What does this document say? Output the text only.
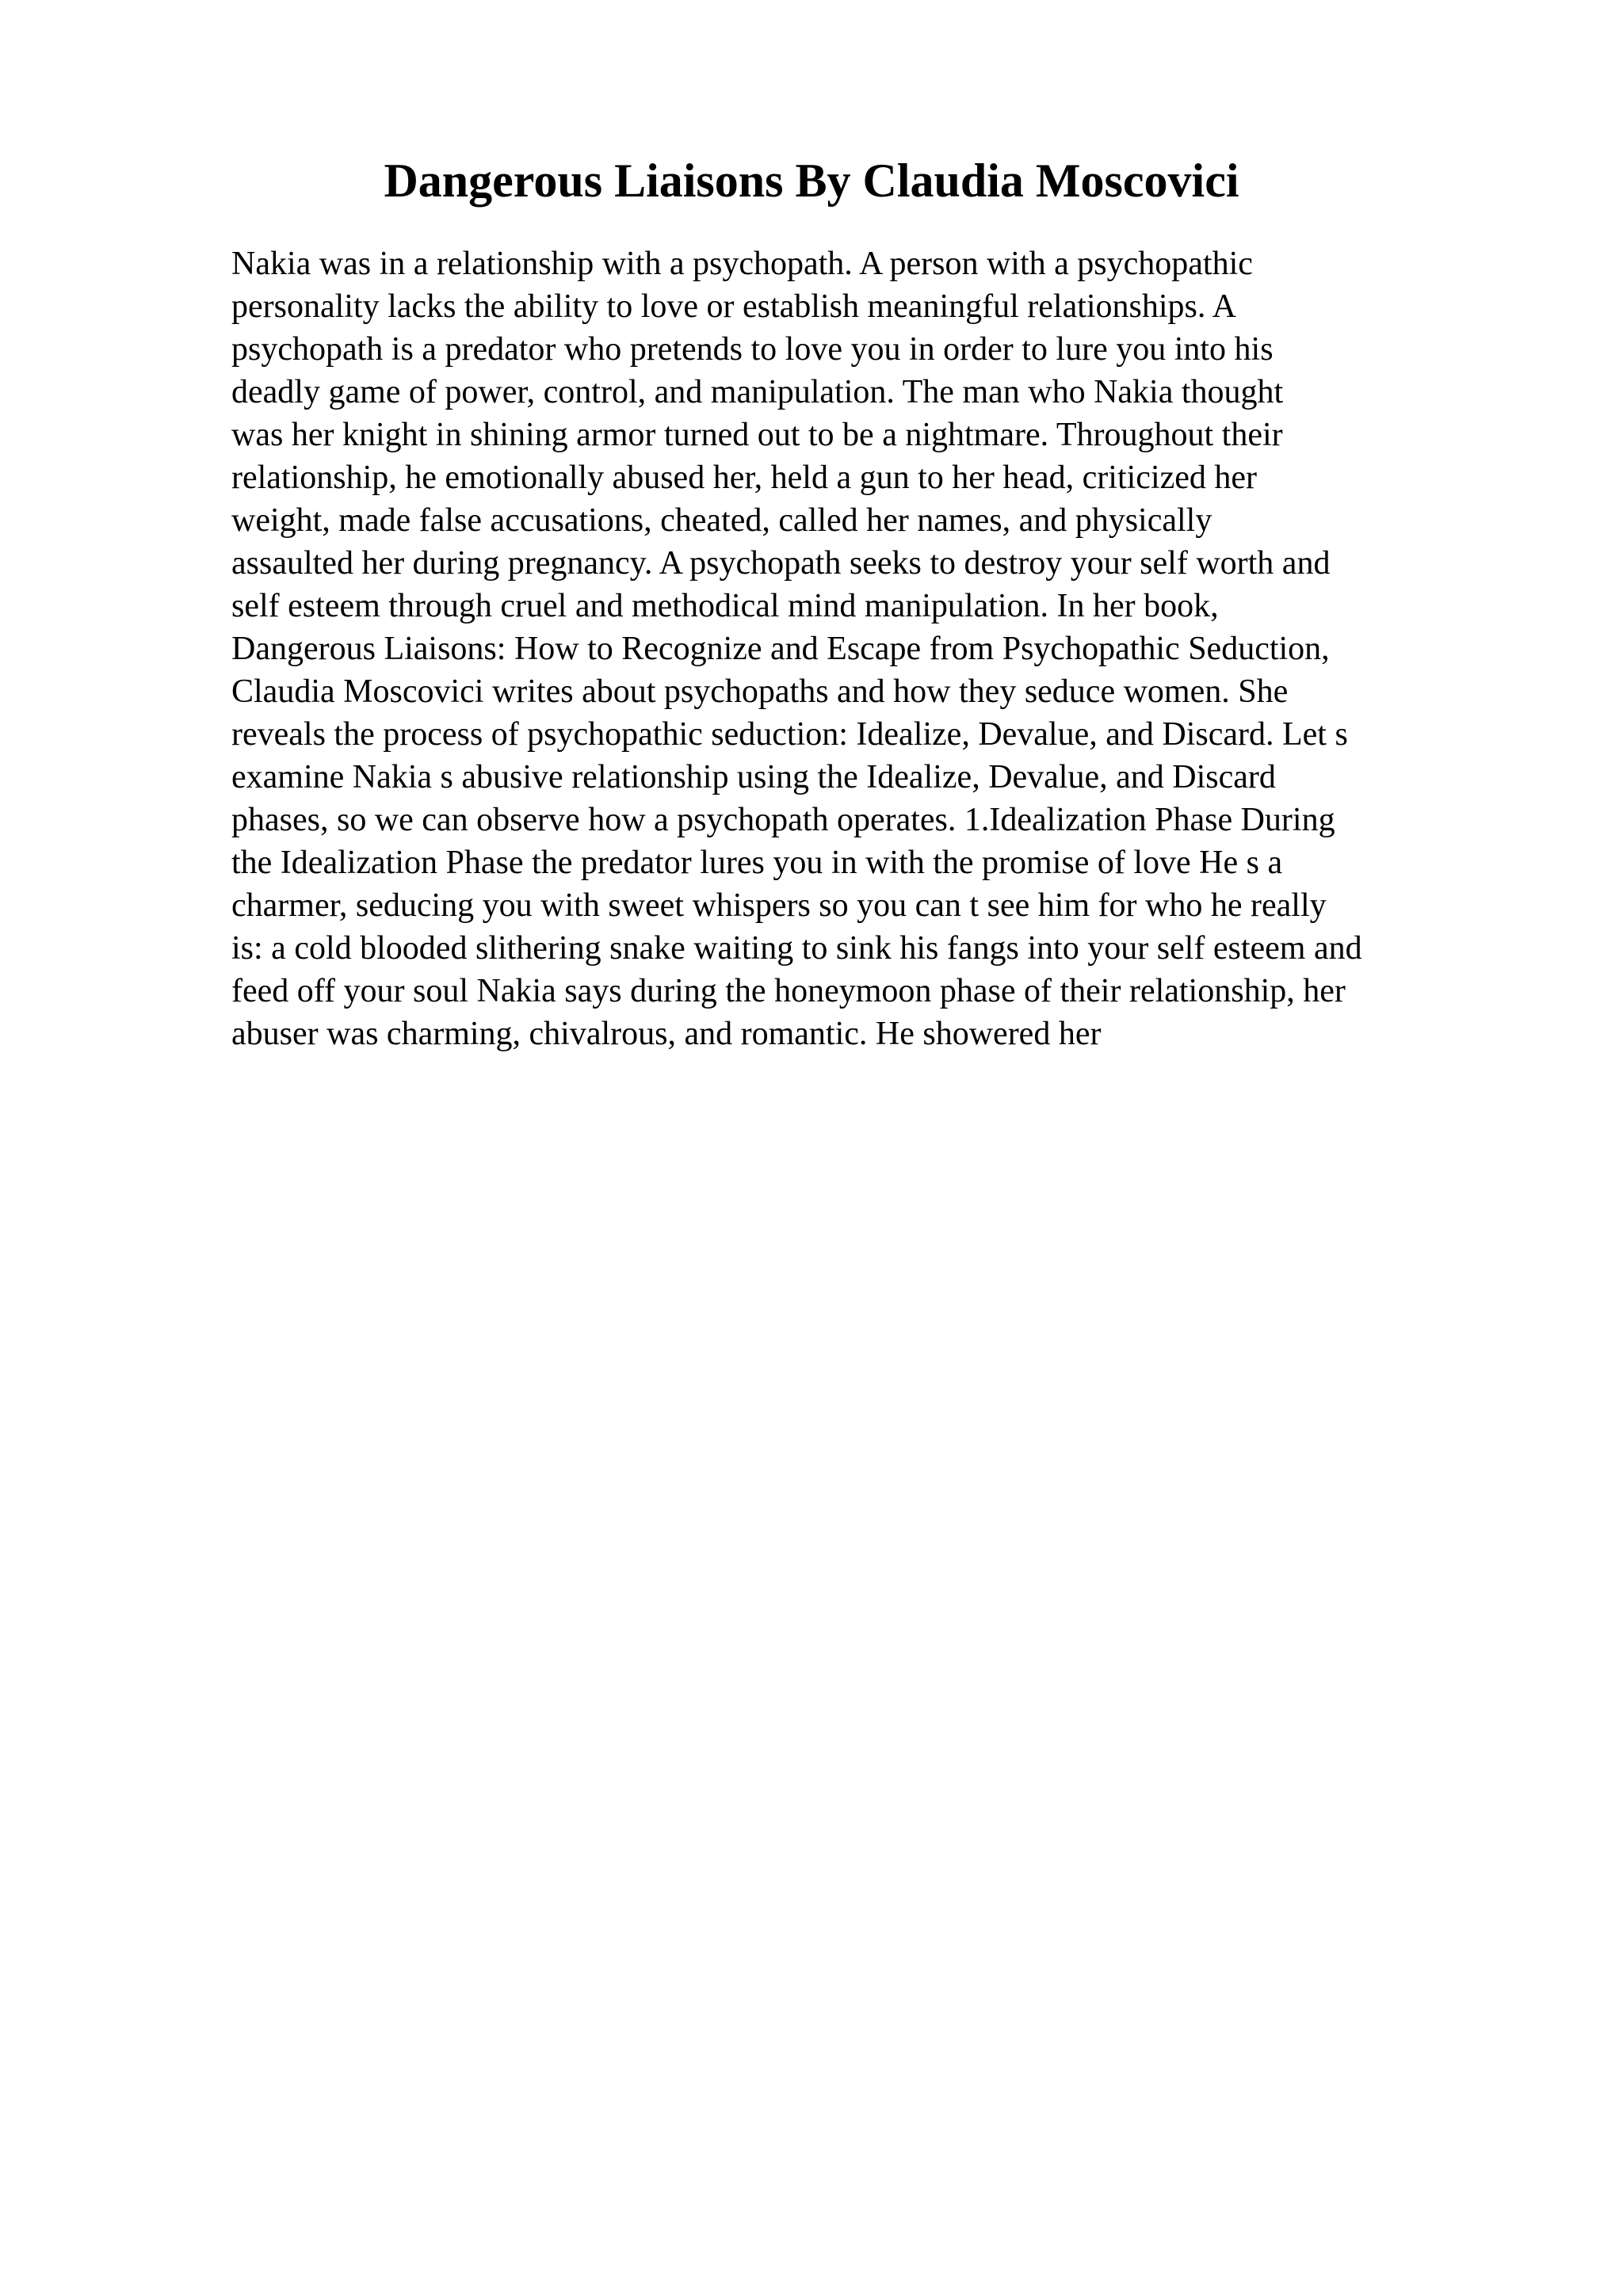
Dangerous Liaisons By Claudia Moscovici
Nakia was in a relationship with a psychopath. A person with a psychopathic
personality lacks the ability to love or establish meaningful relationships. A
psychopath is a predator who pretends to love you in order to lure you into his
deadly game of power, control, and manipulation. The man who Nakia thought
was her knight in shining armor turned out to be a nightmare. Throughout their
relationship, he emotionally abused her, held a gun to her head, criticized her
weight, made false accusations, cheated, called her names, and physically
assaulted her during pregnancy. A psychopath seeks to destroy your self worth and
self esteem through cruel and methodical mind manipulation. In her book,
Dangerous Liaisons: How to Recognize and Escape from Psychopathic Seduction,
Claudia Moscovici writes about psychopaths and how they seduce women. She
reveals the process of psychopathic seduction: Idealize, Devalue, and Discard. Let s
examine Nakia s abusive relationship using the Idealize, Devalue, and Discard
phases, so we can observe how a psychopath operates. 1.Idealization Phase During
the Idealization Phase the predator lures you in with the promise of love He s a
charmer, seducing you with sweet whispers so you can t see him for who he really
is: a cold blooded slithering snake waiting to sink his fangs into your self esteem and
feed off your soul Nakia says during the honeymoon phase of their relationship, her
abuser was charming, chivalrous, and romantic. He showered her
